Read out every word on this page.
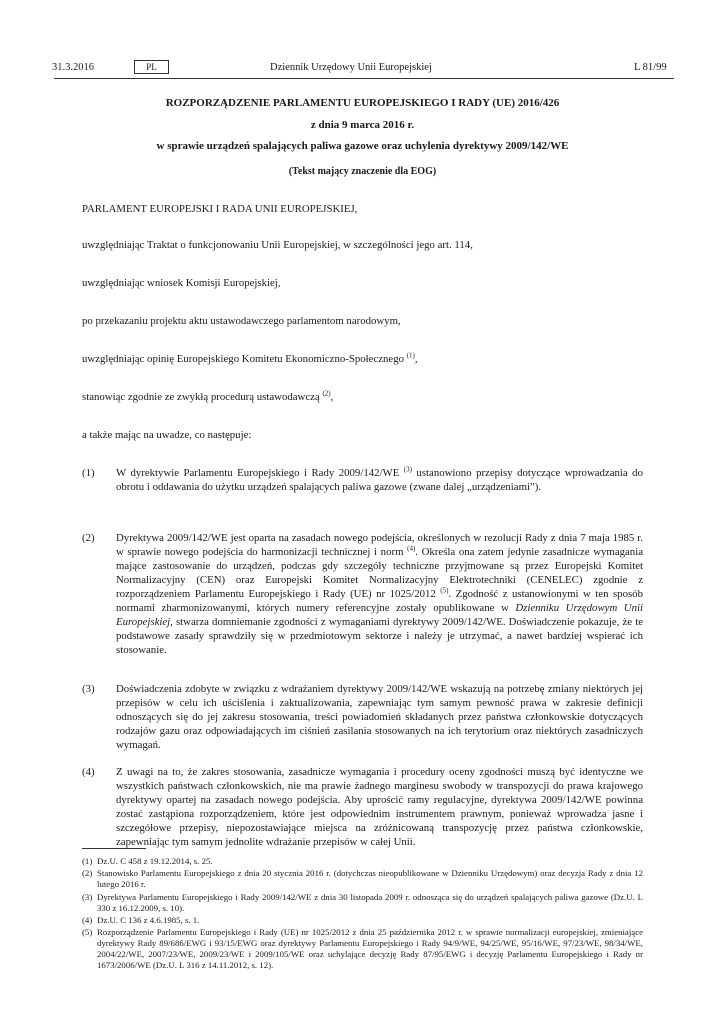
31.3.2016	PL	Dziennik Urzędowy Unii Europejskiej	L 81/99
ROZPORZĄDZENIE PARLAMENTU EUROPEJSKIEGO I RADY (UE) 2016/426
z dnia 9 marca 2016 r.
w sprawie urządzeń spalających paliwa gazowe oraz uchylenia dyrektywy 2009/142/WE
(Tekst mający znaczenie dla EOG)
PARLAMENT EUROPEJSKI I RADA UNII EUROPEJSKIEJ,
uwzględniając Traktat o funkcjonowaniu Unii Europejskiej, w szczególności jego art. 114,
uwzględniając wniosek Komisji Europejskiej,
po przekazaniu projektu aktu ustawodawczego parlamentom narodowym,
uwzględniając opinię Europejskiego Komitetu Ekonomiczno-Społecznego $^{(1)}$,
stanowiąc zgodnie ze zwykłą procedurą ustawodawczą $^{(2)}$,
a także mając na uwadze, co następuje:
(1) W dyrektywie Parlamentu Europejskiego i Rady 2009/142/WE $^{(3)}$ ustanowiono przepisy dotyczące wprowadzania do obrotu i oddawania do użytku urządzeń spalających paliwa gazowe (zwane dalej „urządzeniami”).
(2) Dyrektywa 2009/142/WE jest oparta na zasadach nowego podejścia, określonych w rezolucji Rady z dnia 7 maja 1985 r. w sprawie nowego podejścia do harmonizacji technicznej i norm $^{(4)}$. Określa ona zatem jedynie zasadnicze wymagania mające zastosowanie do urządzeń, podczas gdy szczegóły techniczne przyjmowane są przez Europejski Komitet Normalizacyjny (CEN) oraz Europejski Komitet Normalizacyjny Elektrotechniki (CENELEC) zgodnie z rozporządzeniem Parlamentu Europejskiego i Rady (UE) nr 1025/2012 $^{(5)}$. Zgodność z ustanowionymi w ten sposób normami zharmonizowanymi, których numery referencyjne zostały opublikowane w Dzienniku Urzędowym Unii Europejskiej, stwarza domniemanie zgodności z wymaganiami dyrektywy 2009/142/WE. Doświadczenie pokazuje, że te podstawowe zasady sprawdziły się w przedmiotowym sektorze i należy je utrzymać, a nawet bardziej wspierać ich stosowanie.
(3) Doświadczenia zdobyte w związku z wdrażaniem dyrektywy 2009/142/WE wskazują na potrzebę zmiany niektórych jej przepisów w celu ich uściślenia i zaktualizowania, zapewniając tym samym pewność prawa w zakresie definicji odnoszących się do jej zakresu stosowania, treści powiadomień składanych przez państwa członkowskie dotyczących rodzajów gazu oraz odpowiadających im ciśnień zasilania stosowanych na ich terytorium oraz niektórych zasadniczych wymagań.
(4) Z uwagi na to, że zakres stosowania, zasadnicze wymagania i procedury oceny zgodności muszą być identyczne we wszystkich państwach członkowskich, nie ma prawie żadnego marginesu swobody w transpozycji do prawa krajowego dyrektywy opartej na zasadach nowego podejścia. Aby uprościć ramy regulacyjne, dyrektywa 2009/142/WE powinna zostać zastąpiona rozporządzeniem, które jest odpowiednim instrumentem prawnym, ponieważ wprowadza jasne i szczegółowe przepisy, niepozostawiające miejsca na zróżnicowaną transpozycję przez państwa członkowskie, zapewniając tym samym jednolite wdrażanie przepisów w całej Unii.
(1) Dz.U. C 458 z 19.12.2014, s. 25.
(2) Stanowisko Parlamentu Europejskiego z dnia 20 stycznia 2016 r. (dotychczas nieopublikowane w Dzienniku Urzędowym) oraz decyzja Rady z dnia 12 lutego 2016 r.
(3) Dyrektywa Parlamentu Europejskiego i Rady 2009/142/WE z dnia 30 listopada 2009 r. odnosząca się do urządzeń spalających paliwa gazowe (Dz.U. L 330 z 16.12.2009, s. 10).
(4) Dz.U. C 136 z 4.6.1985, s. 1.
(5) Rozporządzenie Parlamentu Europejskiego i Rady (UE) nr 1025/2012 z dnia 25 października 2012 r. w sprawie normalizacji europejskiej, zmieniające dyrektywy Rady 89/686/EWG i 93/15/EWG oraz dyrektywy Parlamentu Europejskiego i Rady 94/9/WE, 94/25/WE, 95/16/WE, 97/23/WE, 98/34/WE, 2004/22/WE, 2007/23/WE, 2009/23/WE i 2009/105/WE oraz uchylające decyzję Rady 87/95/EWG i decyzję Parlamentu Europejskiego i Rady nr 1673/2006/WE (Dz.U. L 316 z 14.11.2012, s. 12).
